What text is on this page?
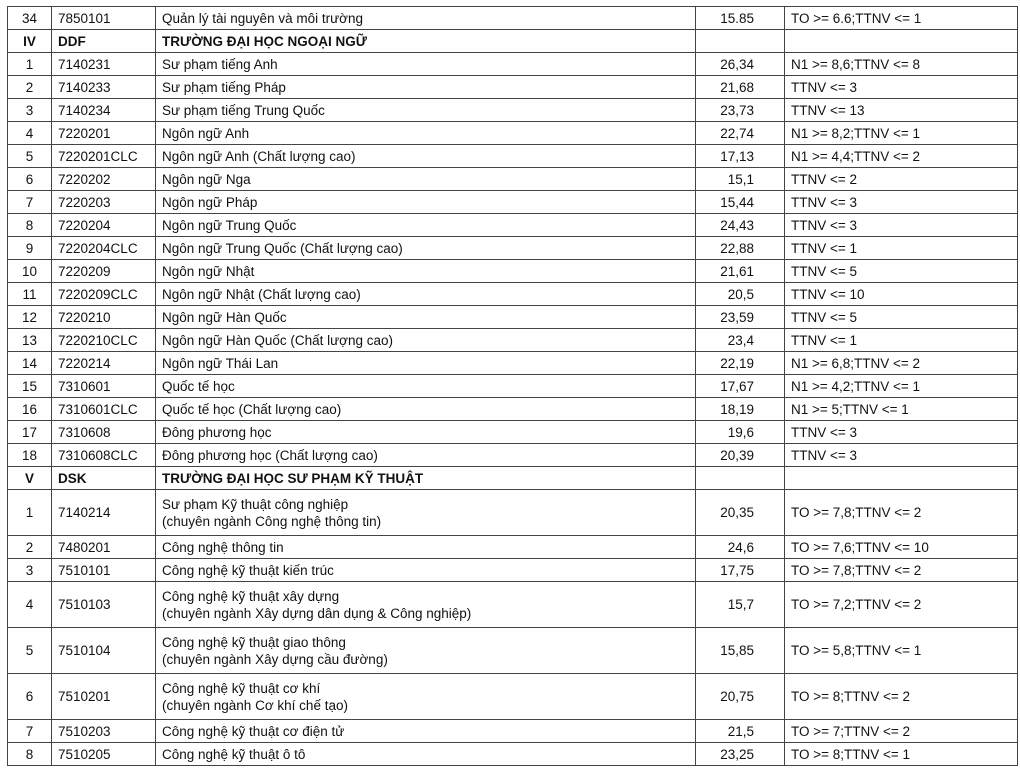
34	7850101	Quản lý tài nguyên và môi trường	15.85	TO >= 6.6;TTNV <= 1
IV	DDF	TRƯỜNG ĐẠI HỌC NGOẠI NGỮ		
1	7140231	Sư phạm tiếng Anh	26,34	N1 >= 8,6;TTNV <= 8
2	7140233	Sư phạm tiếng Pháp	21,68	TTNV <= 3
3	7140234	Sư phạm tiếng Trung Quốc	23,73	TTNV <= 13
4	7220201	Ngôn ngữ Anh	22,74	N1 >= 8,2;TTNV <= 1
5	7220201CLC	Ngôn ngữ Anh (Chất lượng cao)	17,13	N1 >= 4,4;TTNV <= 2
6	7220202	Ngôn ngữ Nga	15,1	TTNV <= 2
7	7220203	Ngôn ngữ Pháp	15,44	TTNV <= 3
8	7220204	Ngôn ngữ Trung Quốc	24,43	TTNV <= 3
9	7220204CLC	Ngôn ngữ Trung Quốc (Chất lượng cao)	22,88	TTNV <= 1
10	7220209	Ngôn ngữ Nhật	21,61	TTNV <= 5
11	7220209CLC	Ngôn ngữ Nhật (Chất lượng cao)	20,5	TTNV <= 10
12	7220210	Ngôn ngữ Hàn Quốc	23,59	TTNV <= 5
13	7220210CLC	Ngôn ngữ Hàn Quốc (Chất lượng cao)	23,4	TTNV <= 1
14	7220214	Ngôn ngữ Thái Lan	22,19	N1 >= 6,8;TTNV <= 2
15	7310601	Quốc tế học	17,67	N1 >= 4,2;TTNV <= 1
16	7310601CLC	Quốc tế học (Chất lượng cao)	18,19	N1 >= 5;TTNV <= 1
17	7310608	Đông phương học	19,6	TTNV <= 3
18	7310608CLC	Đông phương học (Chất lượng cao)	20,39	TTNV <= 3
V	DSK	TRƯỜNG ĐẠI HỌC SƯ PHẠM KỸ THUẬT		
1	7140214	Sư phạm Kỹ thuật công nghiệp
(chuyên ngành Công nghệ thông tin)	20,35	TO >= 7,8;TTNV <= 2
2	7480201	Công nghệ thông tin	24,6	TO >= 7,6;TTNV <= 10
3	7510101	Công nghệ kỹ thuật kiến trúc	17,75	TO >= 7,8;TTNV <= 2
4	7510103	Công nghệ kỹ thuật xây dựng
(chuyên ngành Xây dựng dân dụng & Công nghiệp)	15,7	TO >= 7,2;TTNV <= 2
5	7510104	Công nghệ kỹ thuật giao thông
(chuyên ngành Xây dựng cầu đường)	15,85	TO >= 5,8;TTNV <= 1
6	7510201	Công nghệ kỹ thuật cơ khí
(chuyên ngành Cơ khí chế tạo)	20,75	TO >= 8;TTNV <= 2
7	7510203	Công nghệ kỹ thuật cơ điện tử	21,5	TO >= 7;TTNV <= 2
8	7510205	Công nghệ kỹ thuật ô tô	23,25	TO >= 8;TTNV <= 1
